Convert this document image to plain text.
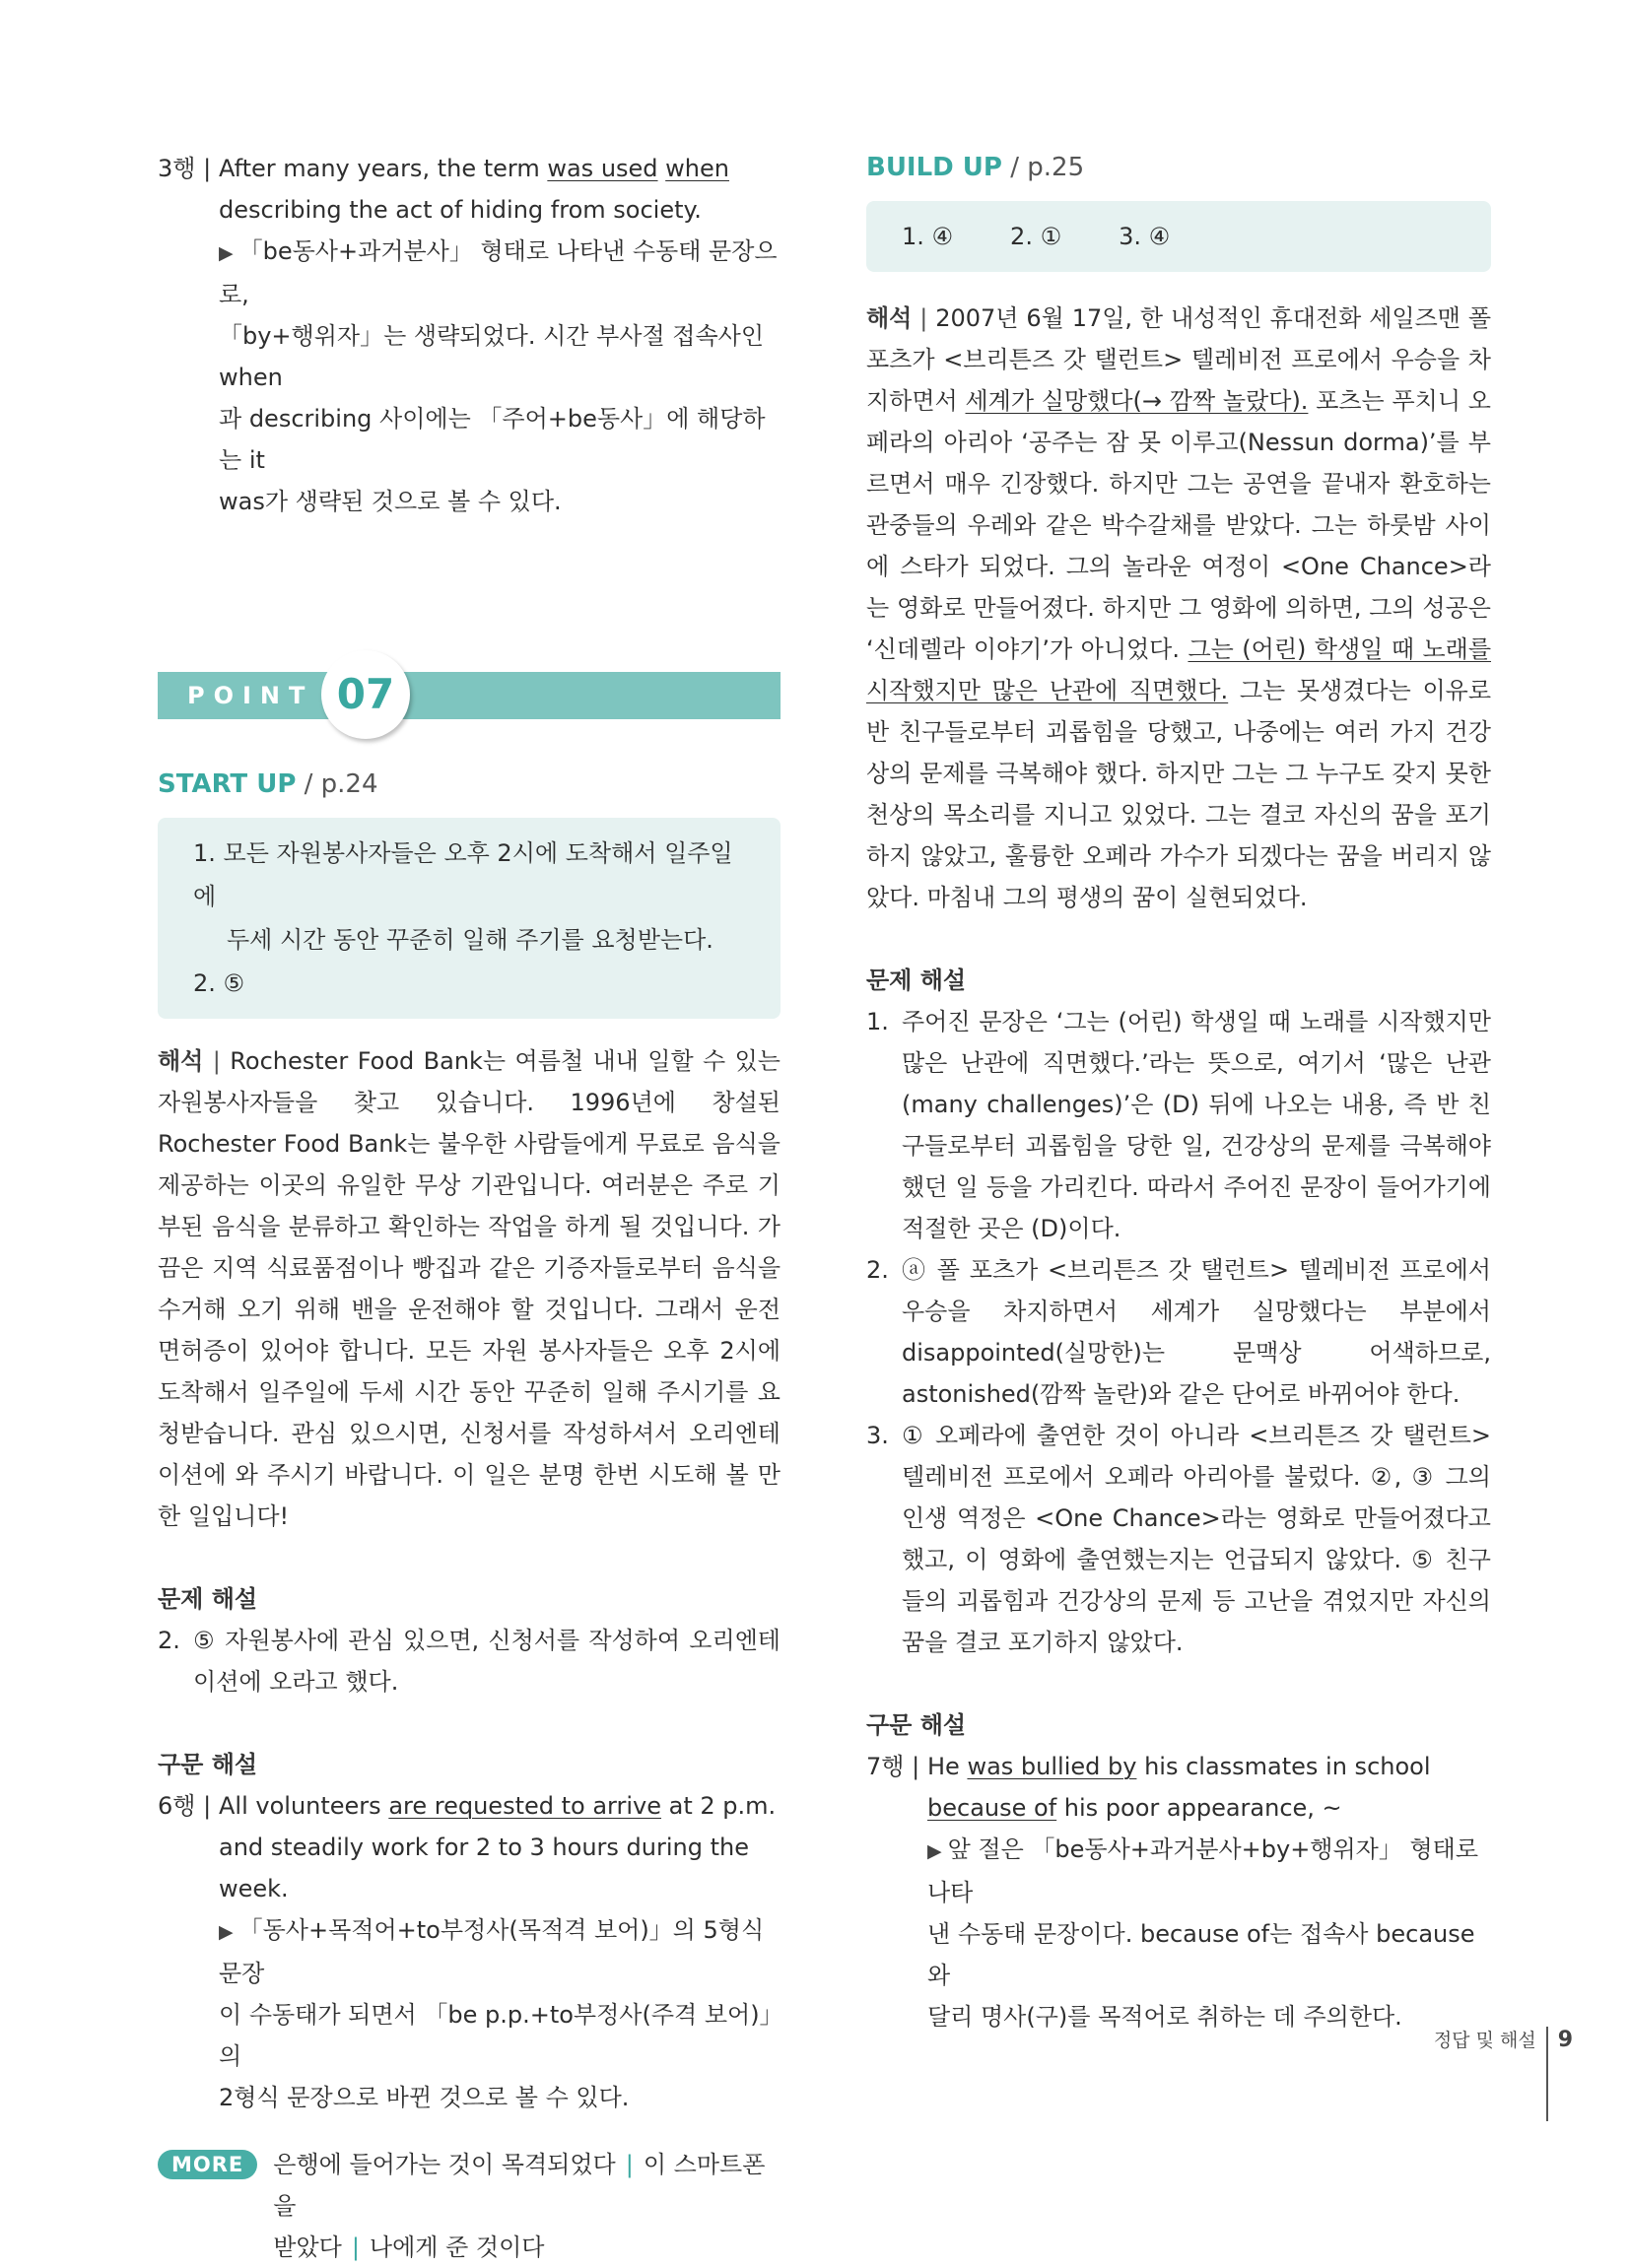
3행 | After many years, the term was used when

describing the act of hiding from society.

▶ 「be동사+과거분사」 형태로 나타낸 수동태 문장으로,
「by+행위자」는 생략되었다. 시간 부사절 접속사인 when
과 describing 사이에는 「주어+be동사」에 해당하는 it
was가 생략된 것으로 볼 수 있다.
POINT 07

START UP / p.24

1. 모든 자원봉사자들은 오후 2시에 도착해서 일주일에

두세 시간 동안 꾸준히 일해 주기를 요청받는다.

2. ⑤

해석 | Rochester Food Bank는 여름철 내내 일할 수 있는 자원봉사자들을 찾고 있습니다. 1996년에 창설된 Rochester Food Bank는 불우한 사람들에게 무료로 음식을 제공하는 이곳의 유일한 무상 기관입니다. 여러분은 주로 기부된 음식을 분류하고 확인하는 작업을 하게 될 것입니다. 가끔은 지역 식료품점이나 빵집과 같은 기증자들로부터 음식을 수거해 오기 위해 밴을 운전해야 할 것입니다. 그래서 운전 면허증이 있어야 합니다. 모든 자원 봉사자들은 오후 2시에 도착해서 일주일에 두세 시간 동안 꾸준히 일해 주시기를 요청받습니다. 관심 있으시면, 신청서를 작성하셔서 오리엔테이션에 와 주시기 바랍니다. 이 일은 분명 한번 시도해 볼 만한 일입니다!

문제 해설

2. ⑤ 자원봉사에 관심 있으면, 신청서를 작성하여 오리엔테이션에 오라고 했다.

구문 해설

6행 | All volunteers are requested to arrive at 2 p.m.

and steadily work for 2 to 3 hours during the

week.

▶ 「동사+목적어+to부정사(목적격 보어)」의 5형식 문장
이 수동태가 되면서 「be p.p.+to부정사(주격 보어)」의
2형식 문장으로 바뀐 것으로 볼 수 있다.
MORE	은행에 들어가는 것이 목격되었다 | 이 스마트폰을
받았다 | 나에게 준 것이다

BUILD UP / p.25

1. ④ 2. ① 3. ④

해석 | 2007년 6월 17일, 한 내성적인 휴대전화 세일즈맨 폴 포츠가 <브리튼즈 갓 탤런트> 텔레비전 프로에서 우승을 차지하면서 세계가 실망했다(→ 깜짝 놀랐다). 포츠는 푸치니 오페라의 아리아 ‘공주는 잠 못 이루고(Nessun dorma)’를 부르면서 매우 긴장했다. 하지만 그는 공연을 끝내자 환호하는 관중들의 우레와 같은 박수갈채를 받았다. 그는 하룻밤 사이에 스타가 되었다. 그의 놀라운 여정이 <One Chance>라는 영화로 만들어졌다. 하지만 그 영화에 의하면, 그의 성공은 ‘신데렐라 이야기’가 아니었다. 그는 (어린) 학생일 때 노래를 시작했지만 많은 난관에 직면했다. 그는 못생겼다는 이유로 반 친구들로부터 괴롭힘을 당했고, 나중에는 여러 가지 건강상의 문제를 극복해야 했다. 하지만 그는 그 누구도 갖지 못한 천상의 목소리를 지니고 있었다. 그는 결코 자신의 꿈을 포기하지 않았고, 훌륭한 오페라 가수가 되겠다는 꿈을 버리지 않았다. 마침내 그의 평생의 꿈이 실현되었다.

문제 해설

1. 주어진 문장은 ‘그는 (어린) 학생일 때 노래를 시작했지만 많은 난관에 직면했다.’라는 뜻으로, 여기서 ‘많은 난관(many challenges)’은 (D) 뒤에 나오는 내용, 즉 반 친구들로부터 괴롭힘을 당한 일, 건강상의 문제를 극복해야 했던 일 등을 가리킨다. 따라서 주어진 문장이 들어가기에 적절한 곳은 (D)이다.
2. ⓐ 폴 포츠가 <브리튼즈 갓 탤런트> 텔레비전 프로에서 우승을 차지하면서 세계가 실망했다는 부분에서 disappointed(실망한)는 문맥상 어색하므로, astonished(깜짝 놀란)와 같은 단어로 바뀌어야 한다.
3. ① 오페라에 출연한 것이 아니라 <브리튼즈 갓 탤런트> 텔레비전 프로에서 오페라 아리아를 불렀다. ②, ③ 그의 인생 역정은 <One Chance>라는 영화로 만들어졌다고 했고, 이 영화에 출연했는지는 언급되지 않았다. ⑤ 친구들의 괴롭힘과 건강상의 문제 등 고난을 겪었지만 자신의 꿈을 결코 포기하지 않았다.

구문 해설

7행 | He was bullied by his classmates in school

because of his poor appearance, ~

▶ 앞 절은 「be동사+과거분사+by+행위자」 형태로 나타
낸 수동태 문장이다. because of는 접속사 because와
달리 명사(구)를 목적어로 취하는 데 주의한다.
정답 및 해설 9
